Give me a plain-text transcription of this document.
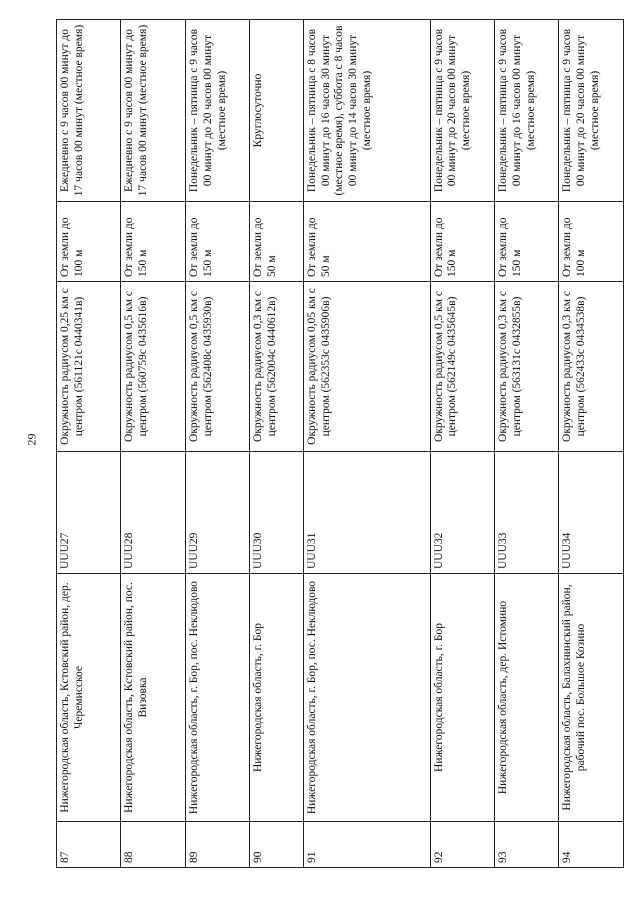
29
87	Нижегородская область, Кстовский район, дер. Черемисское	UUU27	Окружность радиусом 0,25 км с центром (561121с 0440341в)	От земли до 100 м	Ежедневно с 9 часов 00 минут до 17 часов 00 минут (местное время)
88	Нижегородская область, Кстовский район, пос. Визовка	UUU28	Окружность радиусом 0,5 км с центром (560759с 0435616в)	От земли до 150 м	Ежедневно с 9 часов 00 минут до 17 часов 00 минут (местное время)
89	Нижегородская область, г. Бор, пос. Неклюдово	UUU29	Окружность радиусом 0,5 км с центром (562408с 0435930в)	От земли до 150 м	Понедельник – пятница с 9 часов 00 минут до 20 часов 00 минут (местное время)
90	Нижегородская область, г. Бор	UUU30	Окружность радиусом 0,3 км с центром (562004с 0440612в)	От земли до 50 м	Круглосуточно
91	Нижегородская область, г. Бор, пос. Неклюдово	UUU31	Окружность радиусом 0,05 км с центром (562353с 0435906в)	От земли до 50 м	Понедельник – пятница с 8 часов 00 минут до 16 часов 30 минут (местное время), суббота с 8 часов 00 минут до 14 часов 30 минут (местное время)
92	Нижегородская область, г. Бор	UUU32	Окружность радиусом 0,5 км с центром (562149с 0435645в)	От земли до 150 м	Понедельник – пятница с 9 часов 00 минут до 20 часов 00 минут (местное время)
93	Нижегородская область, дер. Истомино	UUU33	Окружность радиусом 0,3 км с центром (563131с 0432855в)	От земли до 150 м	Понедельник – пятница с 9 часов 00 минут до 16 часов 00 минут (местное время)
94	Нижегородская область, Балахнинский район, рабочий пос. Большое Козино	UUU34	Окружность радиусом 0,3 км с центром (562433с 0434538в)	От земли до 100 м	Понедельник – пятница с 9 часов 00 минут до 20 часов 00 минут (местное время)
